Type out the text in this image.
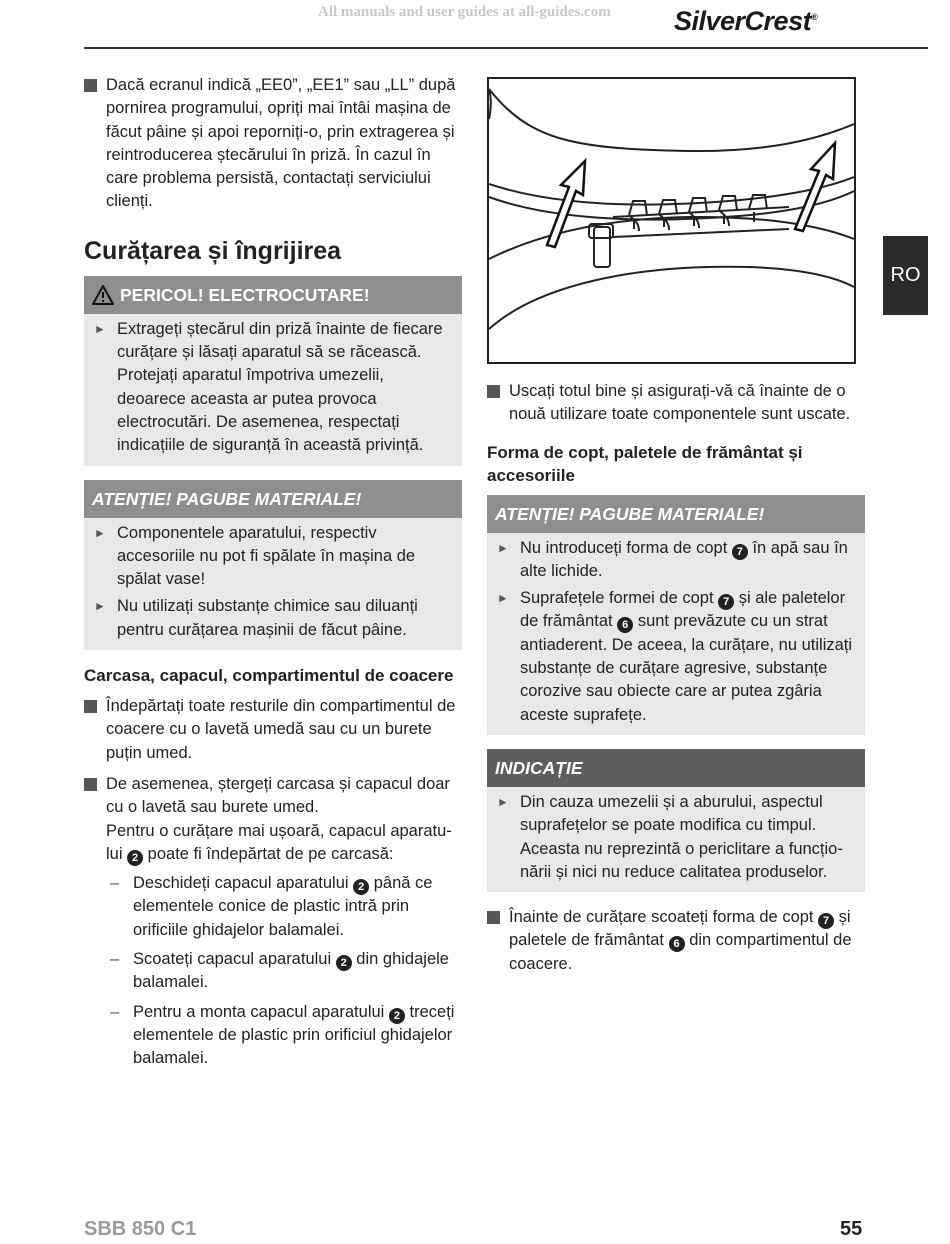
All manuals and user guides at all-guides.com SilverCrest®
RO

Dacă ecranul indică „EE0”, „EE1” sau „LL” după pornirea programului, opriți mai întâi mașina de făcut pâine și apoi reporniți-o, prin extragerea și reintroducerea ștecărului în priză. În cazul în care problema persistă, contactați serviciului clienți.

Curățarea și îngrijirea
PERICOL! ELECTROCUTARE!

► Extrageți ștecărul din priză înainte de fiecare curățare și lăsați aparatul să se răcească. Protejați aparatul împotriva umezelii, deoarece aceasta ar putea provoca electrocutări. De asemenea, respectați indicațiile de siguranță în această privință.

ATENȚIE! PAGUBE MATERIALE!

► Componentele aparatului, respectiv accesoriile nu pot fi spălate în mașina de spălat vase!

► Nu utilizați substanțe chimice sau diluanți pentru curățarea mașinii de făcut pâine.

Carcasa, capacul, compartimentul de coacere

Îndepărtați toate resturile din compartimentul de coacere cu o lavetă umedă sau cu un burete puțin umed.

De asemenea, ștergeți carcasa și capacul doar cu o lavetă sau burete umed.

Pentru o curățare mai ușoară, capacul aparatu-lui 2 poate fi îndepărtat de pe carcasă:

– Deschideți capacul aparatului 2 până ce elementele conice de plastic intră prin orificiile ghidajelor balamalei.

– Scoateți capacul aparatului 2 din ghidajele balamalei.

– Pentru a monta capacul aparatului 2 treceți elementele de plastic prin orificiul ghidajelor balamalei.

Uscați totul bine și asigurați-vă că înainte de o nouă utilizare toate componentele sunt uscate.

Forma de copt, paletele de frământat și accesoriile
ATENȚIE! PAGUBE MATERIALE!

► Nu introduceți forma de copt 7 în apă sau în alte lichide.

► Suprafețele formei de copt 7 și ale paletelor de frământat 6 sunt prevăzute cu un strat antiaderent. De aceea, la curățare, nu utilizați substanțe de curățare agresive, substanțe corozive sau obiecte care ar putea zgâria aceste suprafețe.

INDICAȚIE

► Din cauza umezelii și a aburului, aspectul suprafețelor se poate modifica cu timpul. Aceasta nu reprezintă o periclitare a funcțio-nării și nici nu reduce calitatea produselor.

Înainte de curățare scoateți forma de copt 7 și paletele de frământat 6 din compartimentul de coacere.

SBB 850 C1	55
